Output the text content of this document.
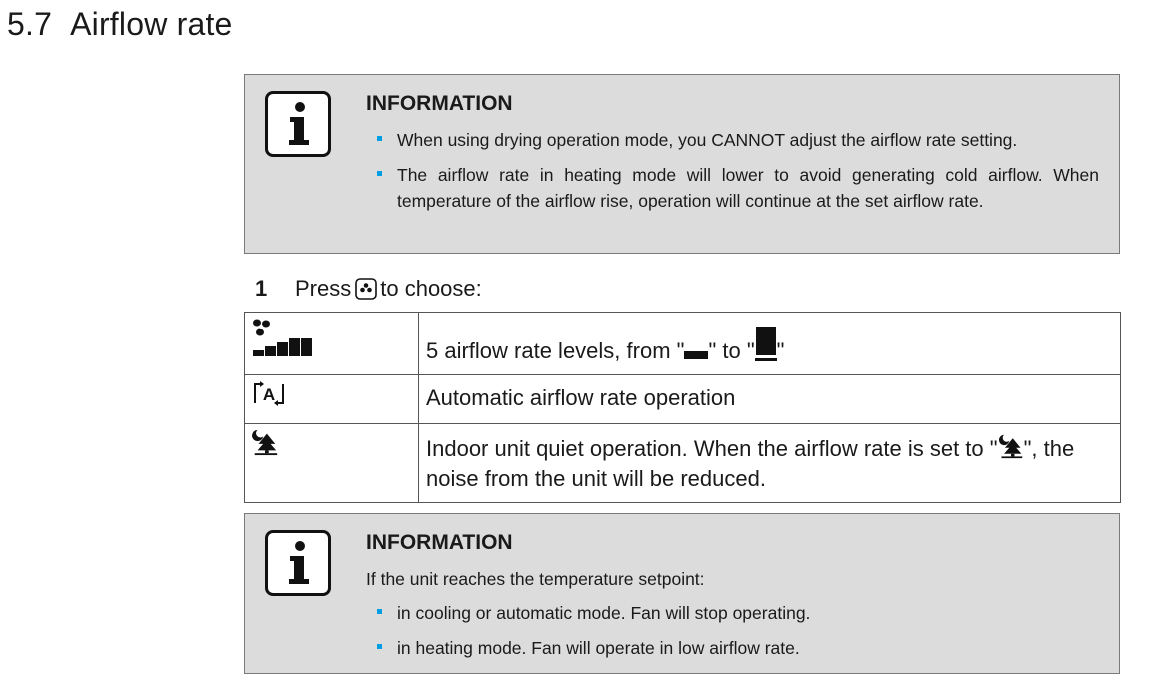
5.7 Airflow rate
INFORMATION
When using drying operation mode, you CANNOT adjust the airflow rate setting.
The airflow rate in heating mode will lower to avoid generating cold airflow. When temperature of the airflow rise, operation will continue at the set airflow rate.
1	Press to choose:
	5 airflow rate levels, from " " to " "

A	Automatic airflow rate operation
	Indoor unit quiet operation. When the airflow rate is set to " ", the noise from the unit will be reduced.
INFORMATION

If the unit reaches the temperature setpoint:

in cooling or automatic mode. Fan will stop operating.
in heating mode. Fan will operate in low airflow rate.
